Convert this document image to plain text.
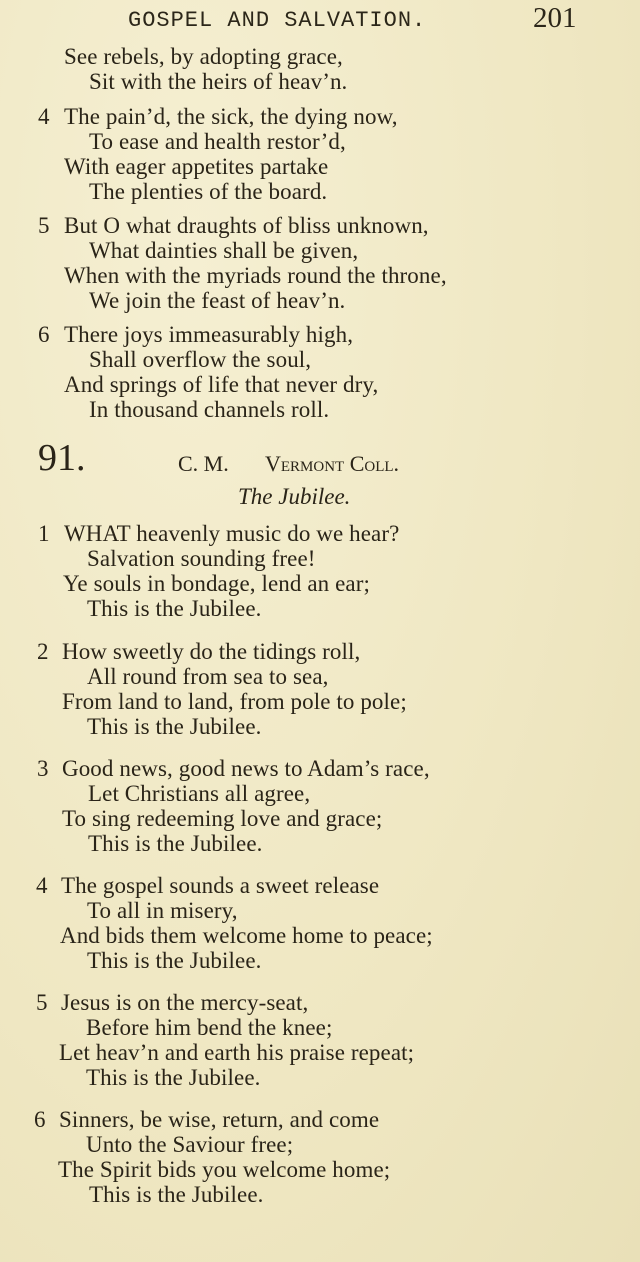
GOSPEL AND SALVATION.	201
See rebels, by adopting grace,
Sit with the heirs of heav’n.
4 The pain’d, the sick, the dying now,
To ease and health restor’d,
With eager appetites partake
The plenties of the board.
5 But O what draughts of bliss unknown,
What dainties shall be given,
When with the myriads round the throne,
We join the feast of heav’n.
6 There joys immeasurably high,
Shall overflow the soul,
And springs of life that never dry,
In thousand channels roll.
91.	C. M. Vermont Coll.
The Jubilee.
1 WHAT heavenly music do we hear?
Salvation sounding free!
Ye souls in bondage, lend an ear;
This is the Jubilee.
2 How sweetly do the tidings roll,
All round from sea to sea,
From land to land, from pole to pole;
This is the Jubilee.
3 Good news, good news to Adam’s race,
Let Christians all agree,
To sing redeeming love and grace;
This is the Jubilee.
4 The gospel sounds a sweet release
To all in misery,
And bids them welcome home to peace;
This is the Jubilee.
5 Jesus is on the mercy-seat,
Before him bend the knee;
Let heav’n and earth his praise repeat;
This is the Jubilee.
6 Sinners, be wise, return, and come
Unto the Saviour free;
The Spirit bids you welcome home;
This is the Jubilee.
